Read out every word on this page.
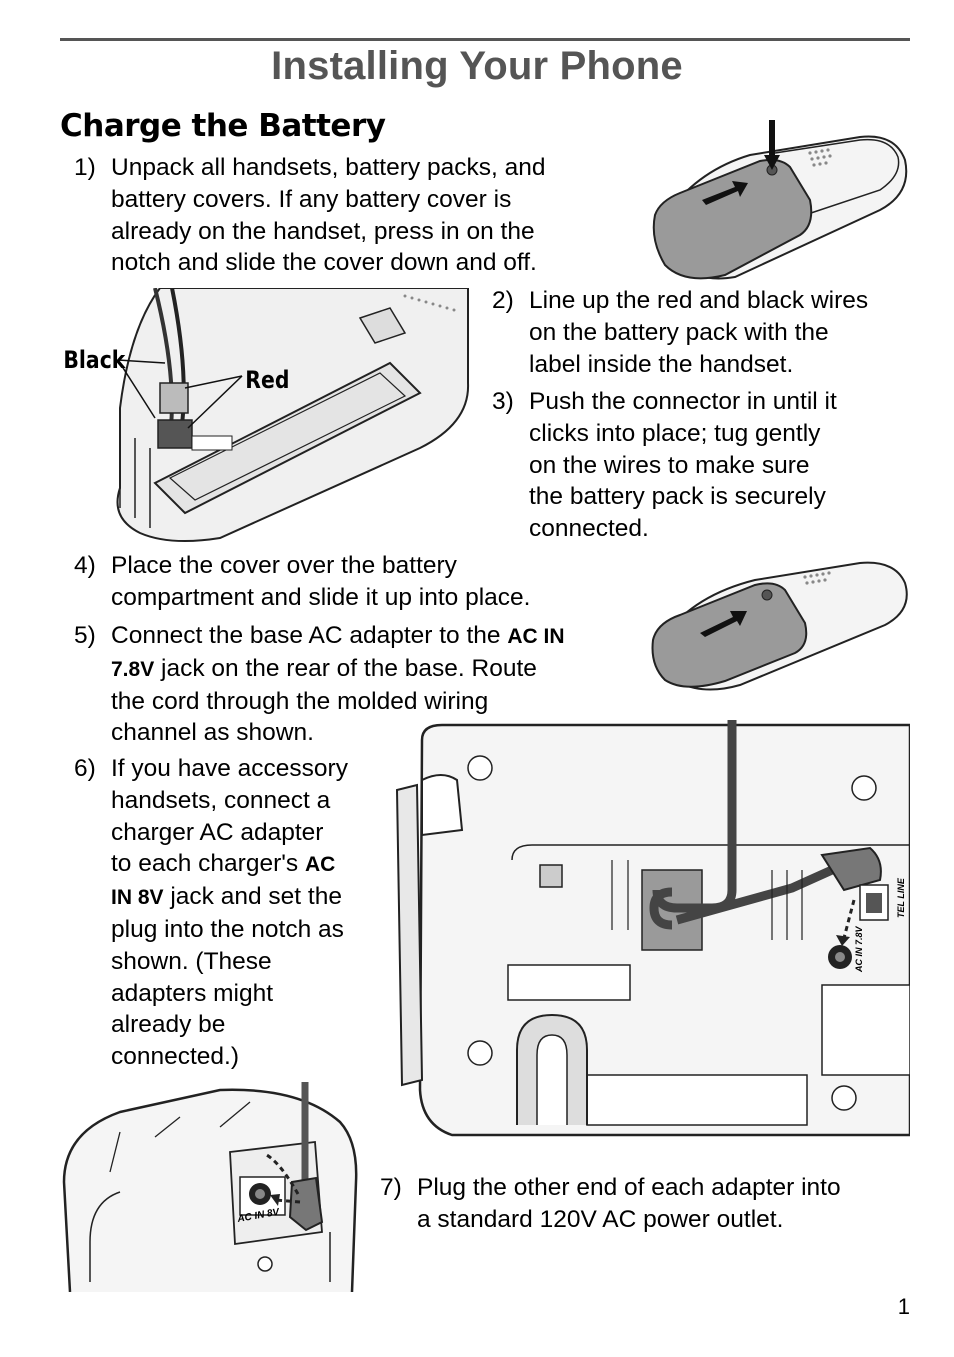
Installing Your Phone
Charge the Battery
1) Unpack all handsets, battery packs, and
battery covers. If any battery cover is
already on the handset, press in on the
notch and slide the cover down and off.
2) Line up the red and black wires
on the battery pack with the
label inside the handset.
3) Push the connector in until it
clicks into place; tug gently
on the wires to make sure
the battery pack is securely
connected.
4) Place the cover over the battery
compartment and slide it up into place.
5) Connect the base AC adapter to the AC IN
7.8V jack on the rear of the base. Route
the cord through the molded wiring
channel as shown.
6) If you have accessory
handsets, connect a
charger AC adapter
to each charger's AC
IN 8V jack and set the
plug into the notch as
shown. (These
adapters might
already be
connected.)
7) Plug the other end of each adapter into
a standard 120V AC power outlet.
Black
Red
AC IN 7.8V
TEL LINE
AC IN 8V
1
